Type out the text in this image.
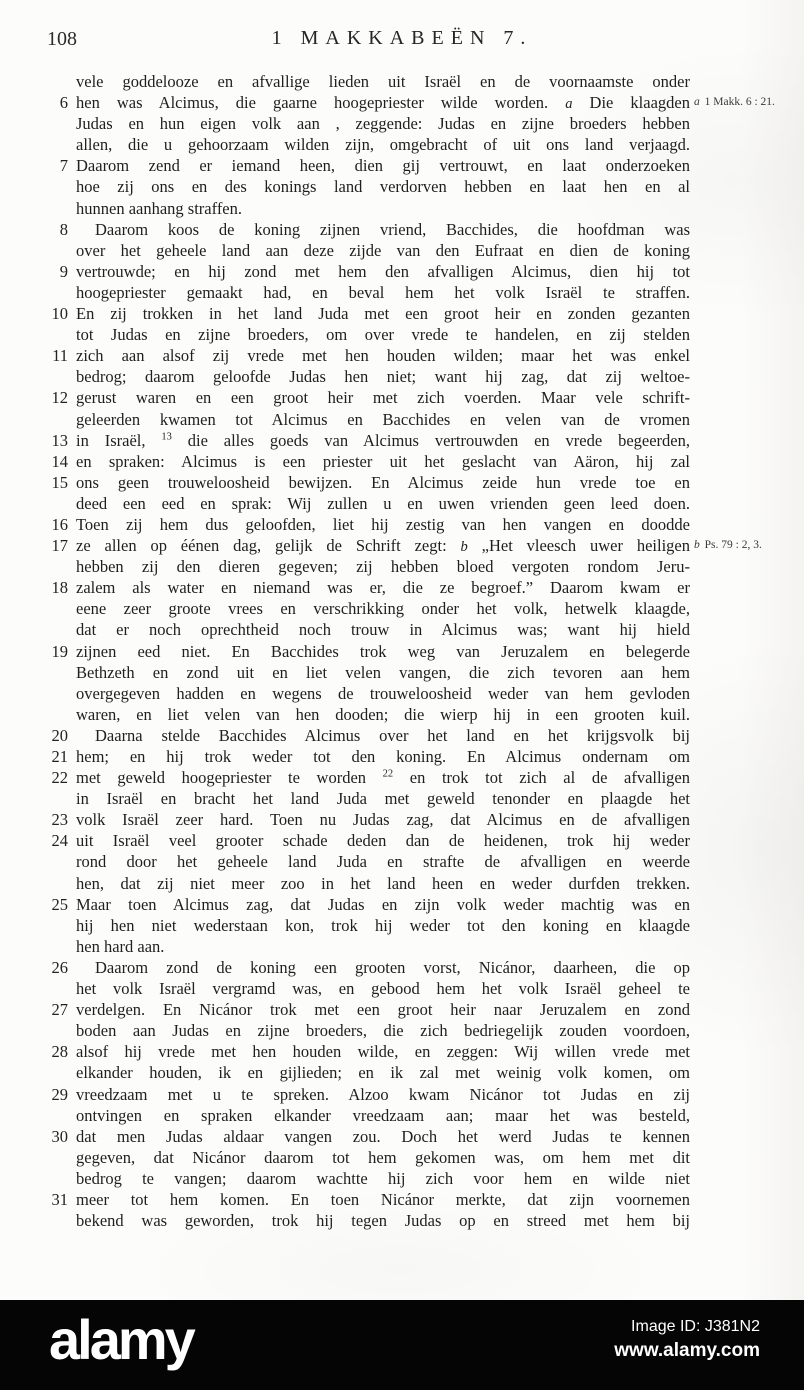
108	1 MAKKABEËN 7.
vele goddelooze en afvallige lieden uit Israël en de voornaamste onder
6 hen was Alcimus, die gaarne hoogepriester wilde worden. a Die klaagden a 1 Makk. 6 : 21.
Judas en hun eigen volk aan , zeggende: Judas en zijne broeders hebben
allen, die u gehoorzaam wilden zijn, omgebracht of uit ons land verjaagd.
7 Daarom zend er iemand heen, dien gij vertrouwt, en laat onderzoeken
hoe zij ons en des konings land verdorven hebben en laat hen en al
hunnen aanhang straffen.
8	Daarom koos de koning zijnen vriend, Bacchides, die hoofdman was
over het geheele land aan deze zijde van den Eufraat en dien de koning
9 vertrouwde; en hij zond met hem den afvalligen Alcimus, dien hij tot
hoogepriester gemaakt had, en beval hem het volk Israël te straffen.
10 En zij trokken in het land Juda met een groot heir en zonden gezanten
tot Judas en zijne broeders, om over vrede te handelen, en zij stelden
11 zich aan alsof zij vrede met hen houden wilden; maar het was enkel
bedrog; daarom geloofde Judas hen niet; want hij zag, dat zij weltoe-
12 gerust waren en een groot heir met zich voerden. Maar vele schrift-
geleerden kwamen tot Alcimus en Bacchides en velen van de vromen
13 in Israël, $^{13}$ die alles goeds van Alcimus vertrouwden en vrede begeerden,
14 en spraken: Alcimus is een priester uit het geslacht van Aäron, hij zal
15 ons geen trouweloosheid bewijzen. En Alcimus zeide hun vrede toe en
deed een eed en sprak: Wij zullen u en uwen vrienden geen leed doen.
16 Toen zij hem dus geloofden, liet hij zestig van hen vangen en doodde
17 ze allen op éénen dag, gelijk de Schrift zegt: b „Het vleesch uwer heiligen b Ps. 79 : 2, 3.
hebben zij den dieren gegeven; zij hebben bloed vergoten rondom Jeru-
18 zalem als water en niemand was er, die ze begroef.” Daarom kwam er
eene zeer groote vrees en verschrikking onder het volk, hetwelk klaagde,
dat er noch oprechtheid noch trouw in Alcimus was; want hij hield
19 zijnen eed niet. En Bacchides trok weg van Jeruzalem en belegerde
Bethzeth en zond uit en liet velen vangen, die zich tevoren aan hem
overgegeven hadden en wegens de trouweloosheid weder van hem gevloden
waren, en liet velen van hen dooden; die wierp hij in een grooten kuil.
20	Daarna stelde Bacchides Alcimus over het land en het krijgsvolk bij
21 hem; en hij trok weder tot den koning. En Alcimus ondernam om
22 met geweld hoogepriester te worden $^{22}$ en trok tot zich al de afvalligen
in Israël en bracht het land Juda met geweld tenonder en plaagde het
23 volk Israël zeer hard. Toen nu Judas zag, dat Alcimus en de afvalligen
24 uit Israël veel grooter schade deden dan de heidenen, trok hij weder
rond door het geheele land Juda en strafte de afvalligen en weerde
hen, dat zij niet meer zoo in het land heen en weder durfden trekken.
25 Maar toen Alcimus zag, dat Judas en zijn volk weder machtig was en
hij hen niet wederstaan kon, trok hij weder tot den koning en klaagde
hen hard aan.
26	Daarom zond de koning een grooten vorst, Nicánor, daarheen, die op
het volk Israël vergramd was, en gebood hem het volk Israël geheel te
27 verdelgen. En Nicánor trok met een groot heir naar Jeruzalem en zond
boden aan Judas en zijne broeders, die zich bedriegelijk zouden voordoen,
28 alsof hij vrede met hen houden wilde, en zeggen: Wij willen vrede met
elkander houden, ik en gijlieden; en ik zal met weinig volk komen, om
29 vreedzaam met u te spreken. Alzoo kwam Nicánor tot Judas en zij
ontvingen en spraken elkander vreedzaam aan; maar het was besteld,
30 dat men Judas aldaar vangen zou. Doch het werd Judas te kennen
gegeven, dat Nicánor daarom tot hem gekomen was, om hem met dit
bedrog te vangen; daarom wachtte hij zich voor hem en wilde niet
31 meer tot hem komen. En toen Nicánor merkte, dat zijn voornemen
bekend was geworden, trok hij tegen Judas op en streed met hem bij
alamy	Image ID: J381N2
www.alamy.com
